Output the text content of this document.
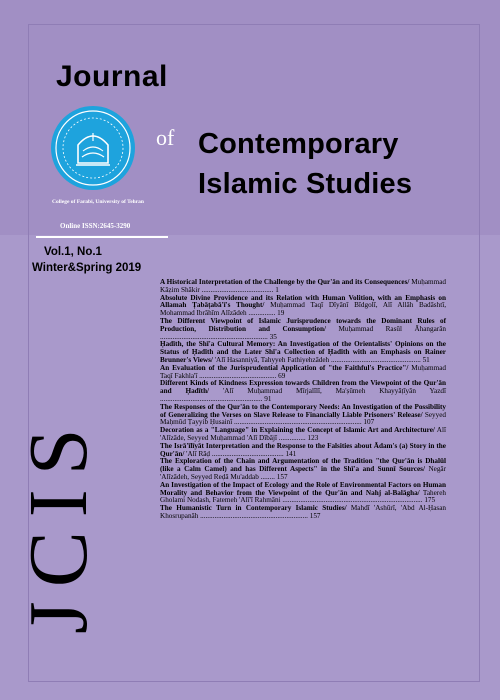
Journal
of Contemporary
Islamic Studies
College of Farabi, University of Tehran
Online ISSN:2645-3290
Vol.1, No.1
Winter&Spring 2019
JCIS

A Historical Interpretation of the Challenge by the Qur'ān and its Consequences/ Muḥammad Kāẓim Shākir ........................................ 1

Absolute Divine Providence and its Relation with Human Volition, with an Emphasis on Allamah Ṭabāṭabā'ī's Thought/ Muḥammad Taqī Dīyānī Bīdgolī, Alī Allāh Badāshtī, Mohammad Ibrāhīm Alīzādeh ............... 19

The Different Viewpoint of Islamic Jurisprudence towards the Dominant Rules of Production, Distribution and Consumption/ Muḥammad Rasūl Āhangarān ............................................................ 35

Ḥadīth, the Shī'a Cultural Memory: An Investigation of the Orientalists' Opinions on the Status of Ḥadīth and the Later Shī'a Collection of Ḥadīth with an Emphasis on Rainer Brunner's Views/ 'Alī Hasanniyā, Tahyyeh Fathiyehzādeh .................................................. 51

An Evaluation of the Jurisprudential Application of "the Faithful's Practice"/ Muḥammad Taqī Fakhla'ī ........................................... 69

Different Kinds of Kindness Expression towards Children from the Viewpoint of the Qur'ān and Ḥadīth/ 'Alī Muḥammad Mīrjalīlī, Ma'ṣūmeh Khayyāṭīyān Yazdī ......................................................... 91

The Responses of the Qur'ān to the Contemporary Needs: An Investigation of the Possibility of Generalizing the Verses on Slave Release to Financially Liable Prisoners' Release/ Seyyed Maḥmūd Ṭayyib Ḥusainī ....................................................................... 107

Decoration as a "Language" in Explaining the Concept of Islamic Art and Architecture/ Alī 'Alīzāde, Seyyed Muḥammad 'Alī Dībājī ............... 123

The Isrā'īlīyāt Interpretation and the Response to the Falsities about Ādam's (a) Story in the Qur'ān/ 'Alī Rāḍ ........................................ 141

The Exploration of the Chain and Argumentation of the Tradition "the Qur'ān is Dhalūl (like a Calm Camel) and has Different Aspects" in the Shī'a and Sunnī Sources/ Negār 'Alīzādeh, Seyyed Reḍā Mu'addab ........ 157

An Investigation of the Impact of Ecology and the Role of Environmental Factors on Human Morality and Behavior from the Viewpoint of the Qur'ān and Nahj al-Balāgha/ Tahereh Gholami Nodash, Fatemeh 'Alī'ī Rahmāni .............................................................................. 175

The Humanistic Turn in Contemporary Islamic Studies/ Mahdī 'Ashūrī, 'Abd Al-Ḥasan Khosrupanāh ............................................................ 157
